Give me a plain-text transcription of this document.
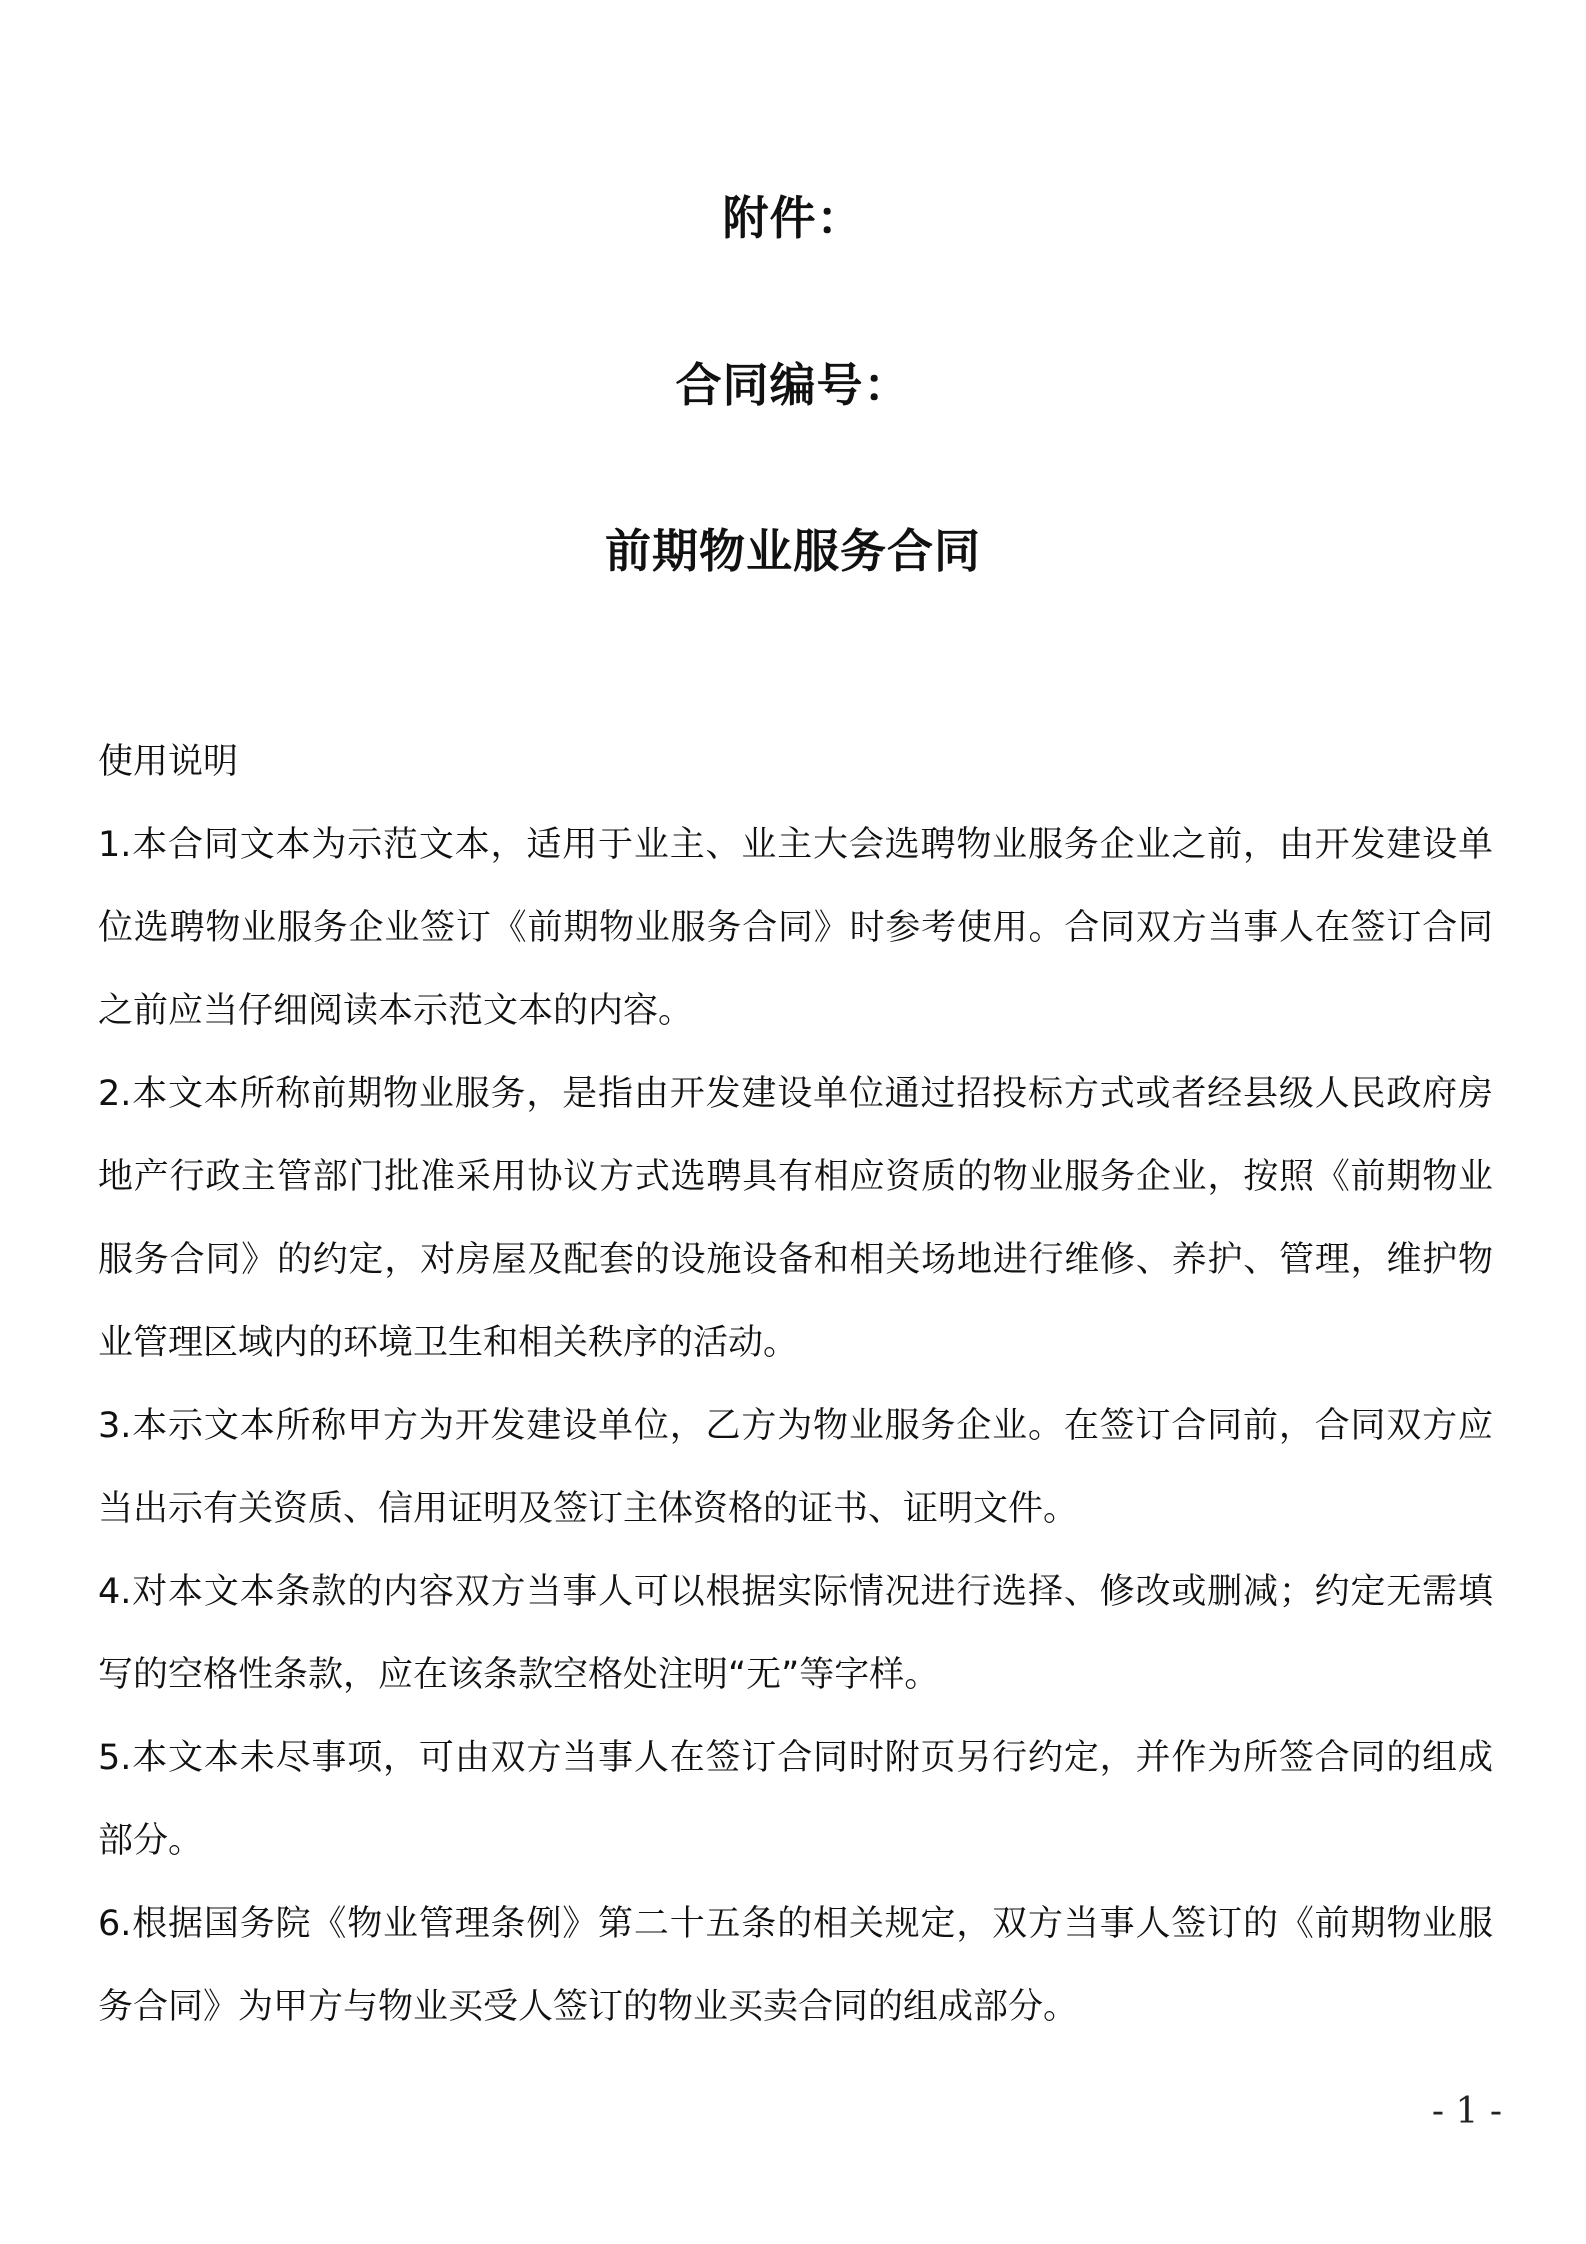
附件：
合同编号：
前期物业服务合同
使用说明

1.本合同文本为示范文本，适用于业主、业主大会选聘物业服务企业之前，由开发建设单位选聘物业服务企业签订《前期物业服务合同》时参考使用。合同双方当事人在签订合同之前应当仔细阅读本示范文本的内容。

2.本文本所称前期物业服务，是指由开发建设单位通过招投标方式或者经县级人民政府房地产行政主管部门批准采用协议方式选聘具有相应资质的物业服务企业，按照《前期物业服务合同》的约定，对房屋及配套的设施设备和相关场地进行维修、养护、管理，维护物业管理区域内的环境卫生和相关秩序的活动。

3.本示文本所称甲方为开发建设单位，乙方为物业服务企业。在签订合同前，合同双方应当出示有关资质、信用证明及签订主体资格的证书、证明文件。

4.对本文本条款的内容双方当事人可以根据实际情况进行选择、修改或删减；约定无需填写的空格性条款，应在该条款空格处注明“无”等字样。

5.本文本未尽事项，可由双方当事人在签订合同时附页另行约定，并作为所签合同的组成部分。

6.根据国务院《物业管理条例》第二十五条的相关规定，双方当事人签订的《前期物业服务合同》为甲方与物业买受人签订的物业买卖合同的组成部分。

- 1 -
